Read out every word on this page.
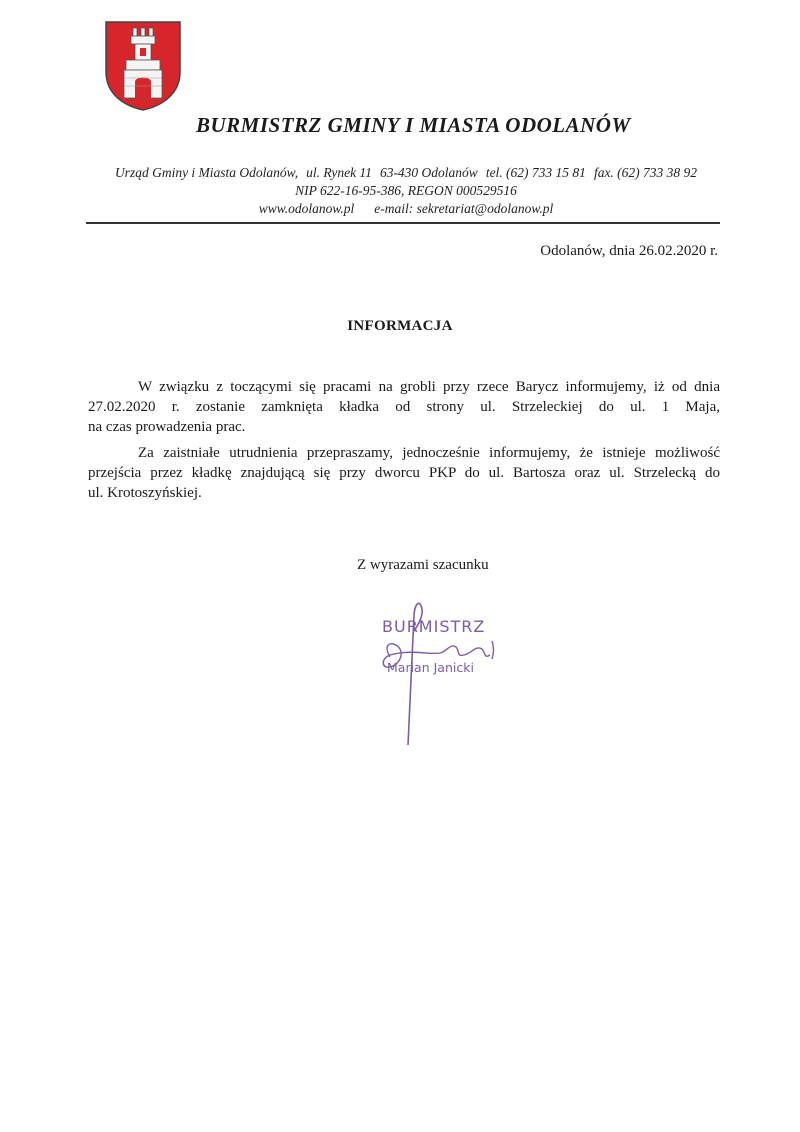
BURMISTRZ GMINY I MIASTA ODOLANÓW
Urząd Gminy i Miasta Odolanów, ul. Rynek 11 63-430 Odolanów tel. (62) 733 15 81 fax. (62) 733 38 92
NIP 622-16-95-386, REGON 000529516
www.odolanow.pl e-mail: sekretariat@odolanow.pl
Odolanów, dnia 26.02.2020 r.
INFORMACJA
W związku z toczącymi się pracami na grobli przy rzece Barycz informujemy, iż od dnia
27.02.2020 r. zostanie zamknięta kładka od strony ul. Strzeleckiej do ul. 1 Maja,
na czas prowadzenia prac.
Za zaistniałe utrudnienia przepraszamy, jednocześnie informujemy, że istnieje możliwość
przejścia przez kładkę znajdującą się przy dworcu PKP do ul. Bartosza oraz ul. Strzelecką do
ul. Krotoszyńskiej.
Z wyrazami szacunku
BURMISTRZ
Marian Janicki
